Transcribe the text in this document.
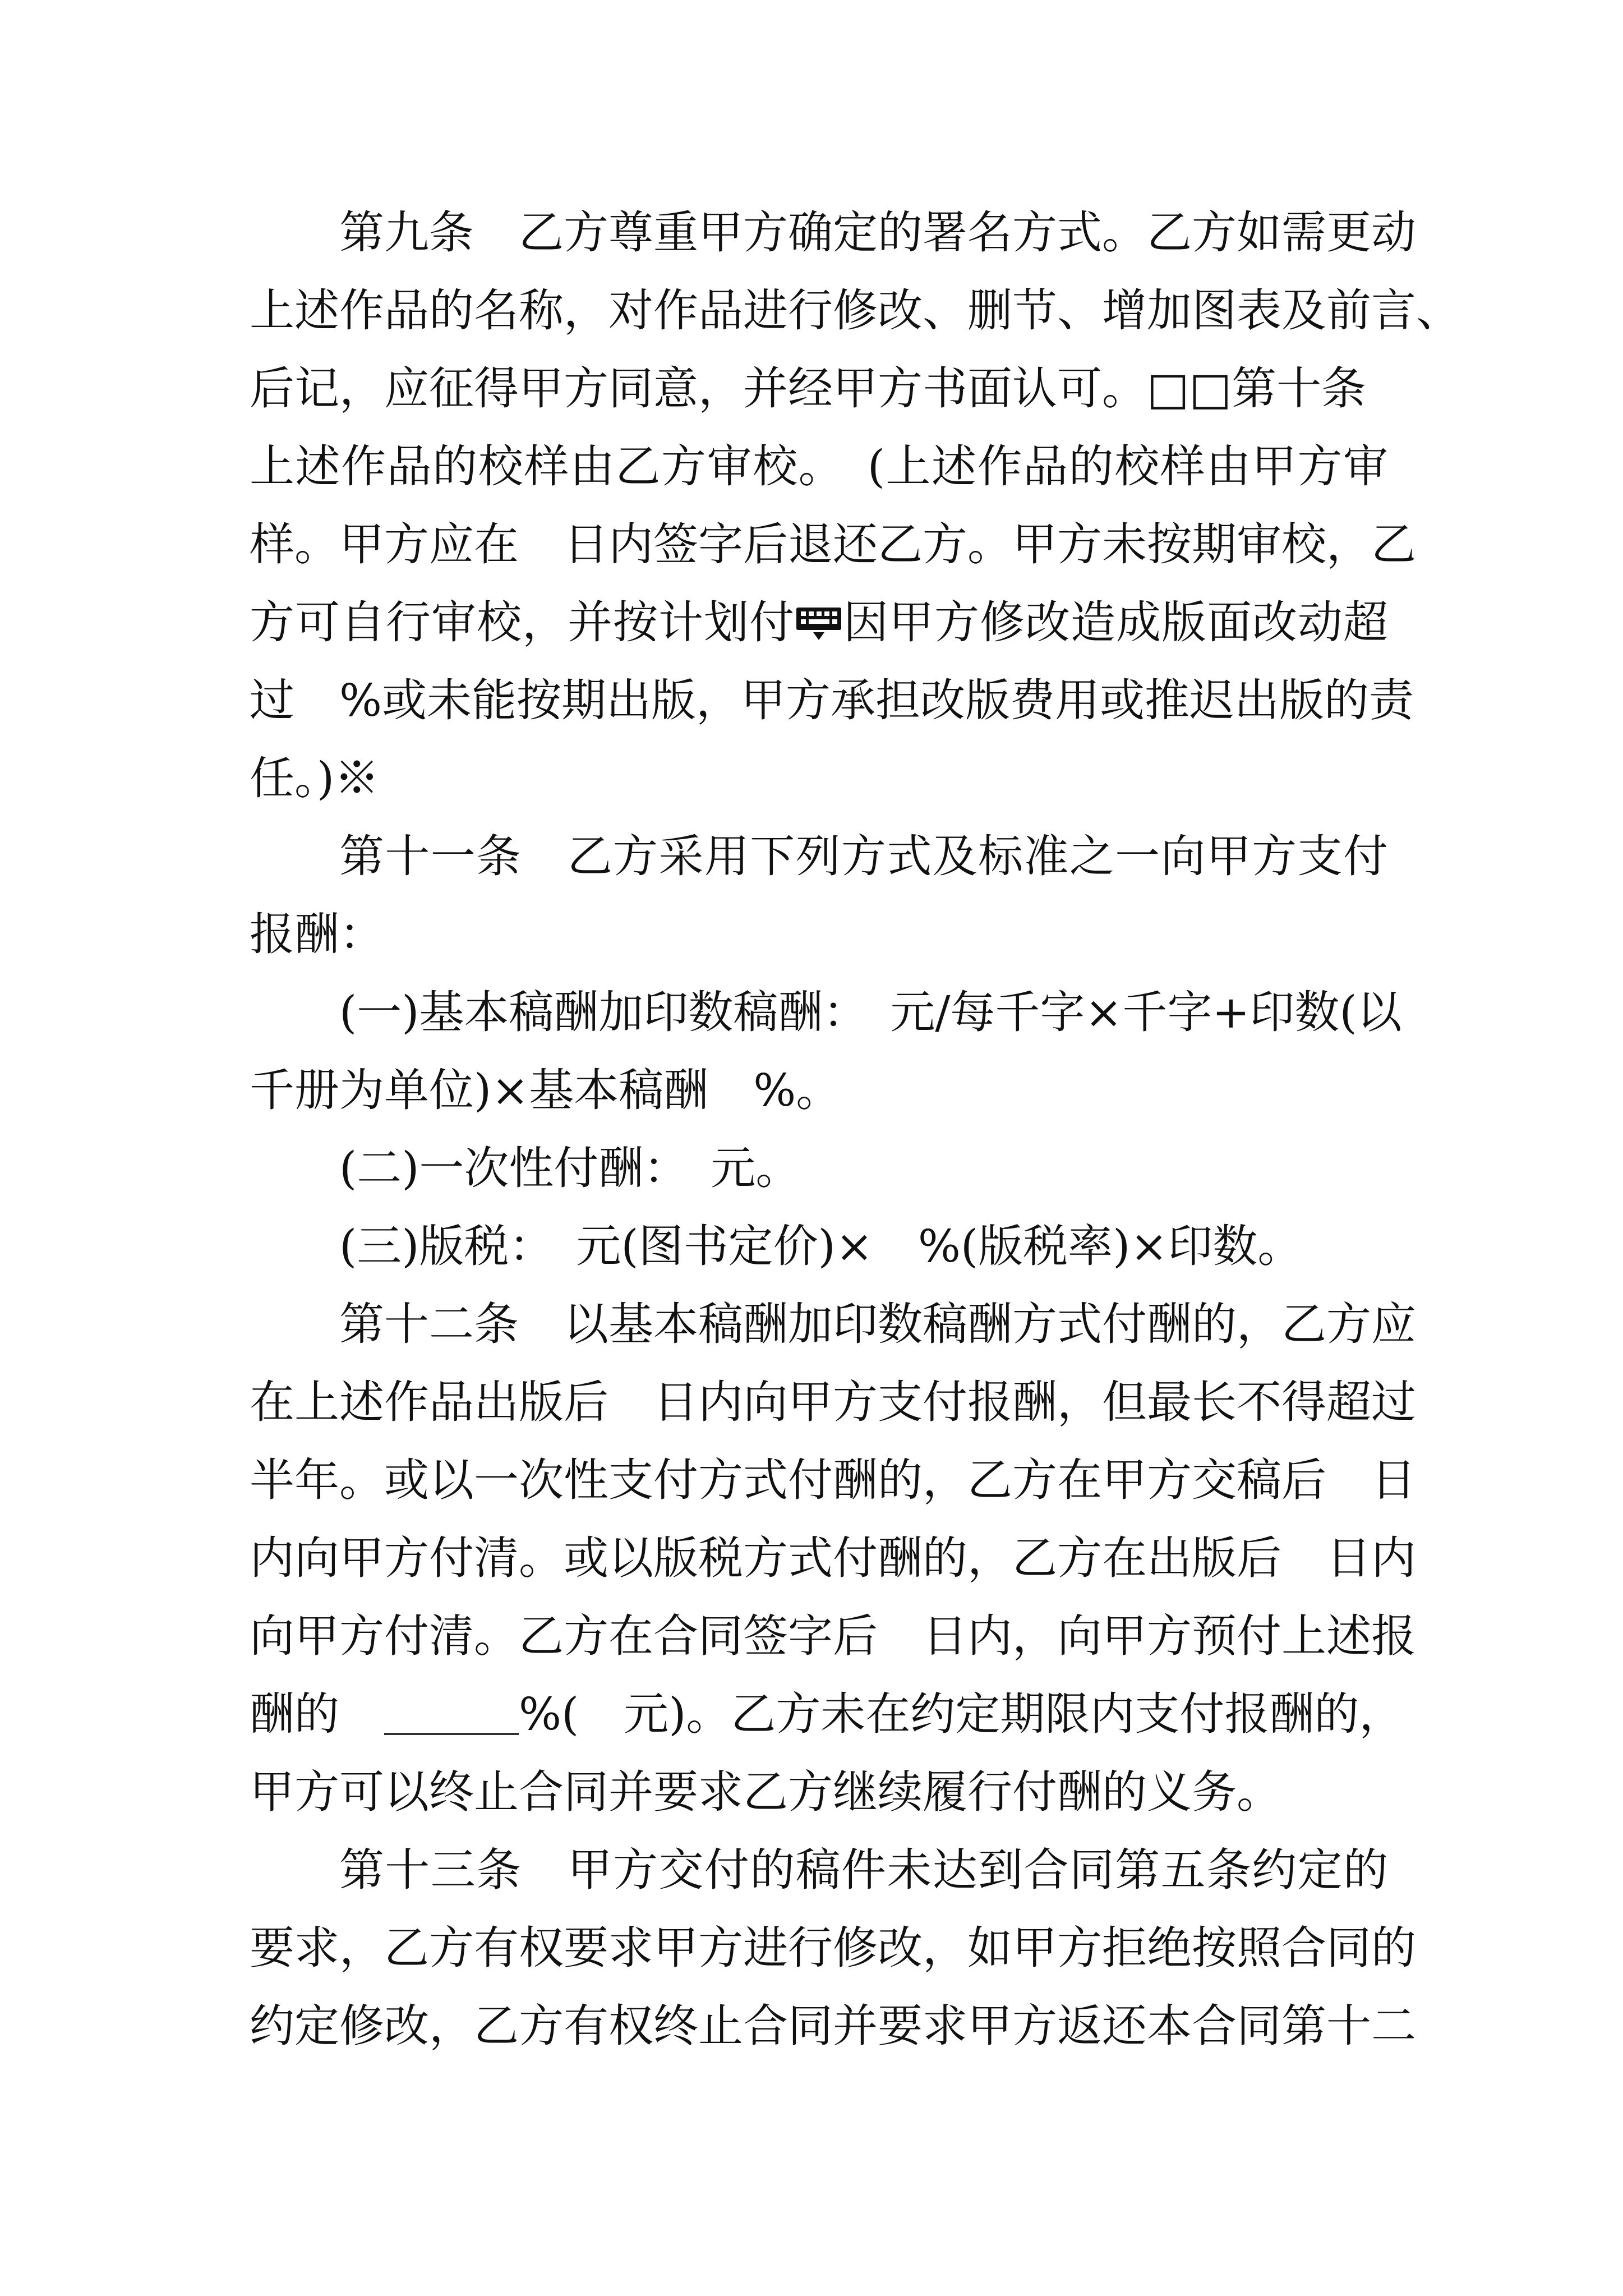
第九条　乙方尊重甲方确定的署名方式。乙方如需更动
上述作品的名称，对作品进行修改、删节、增加图表及前言、
后记，应征得甲方同意，并经甲方书面认可。□□第十条
上述作品的校样由乙方审校。　(上述作品的校样由甲方审
样。甲方应在　日内签字后退还乙方。甲方未按期审校，乙
方可自行审校，并按计划付 因甲方修改造成版面改动超
过　%或未能按期出版，甲方承担改版费用或推迟出版的责
任。)※
第十一条　乙方采用下列方式及标准之一向甲方支付
报酬：
(一)基本稿酬加印数稿酬：　元/每千字×千字+印数(以
千册为单位)×基本稿酬　%。
(二)一次性付酬：　元。
(三)版税：　元(图书定价)×　%(版税率)×印数。
第十二条　以基本稿酬加印数稿酬方式付酬的，乙方应
在上述作品出版后　日内向甲方支付报酬，但最长不得超过
半年。或以一次性支付方式付酬的，乙方在甲方交稿后　日
内向甲方付清。或以版税方式付酬的，乙方在出版后　日内
向甲方付清。乙方在合同签字后　日内，向甲方预付上述报
酬的　＿＿＿%(　元)。乙方未在约定期限内支付报酬的，
甲方可以终止合同并要求乙方继续履行付酬的义务。
第十三条　甲方交付的稿件未达到合同第五条约定的
要求，乙方有权要求甲方进行修改，如甲方拒绝按照合同的
约定修改，乙方有权终止合同并要求甲方返还本合同第十二
